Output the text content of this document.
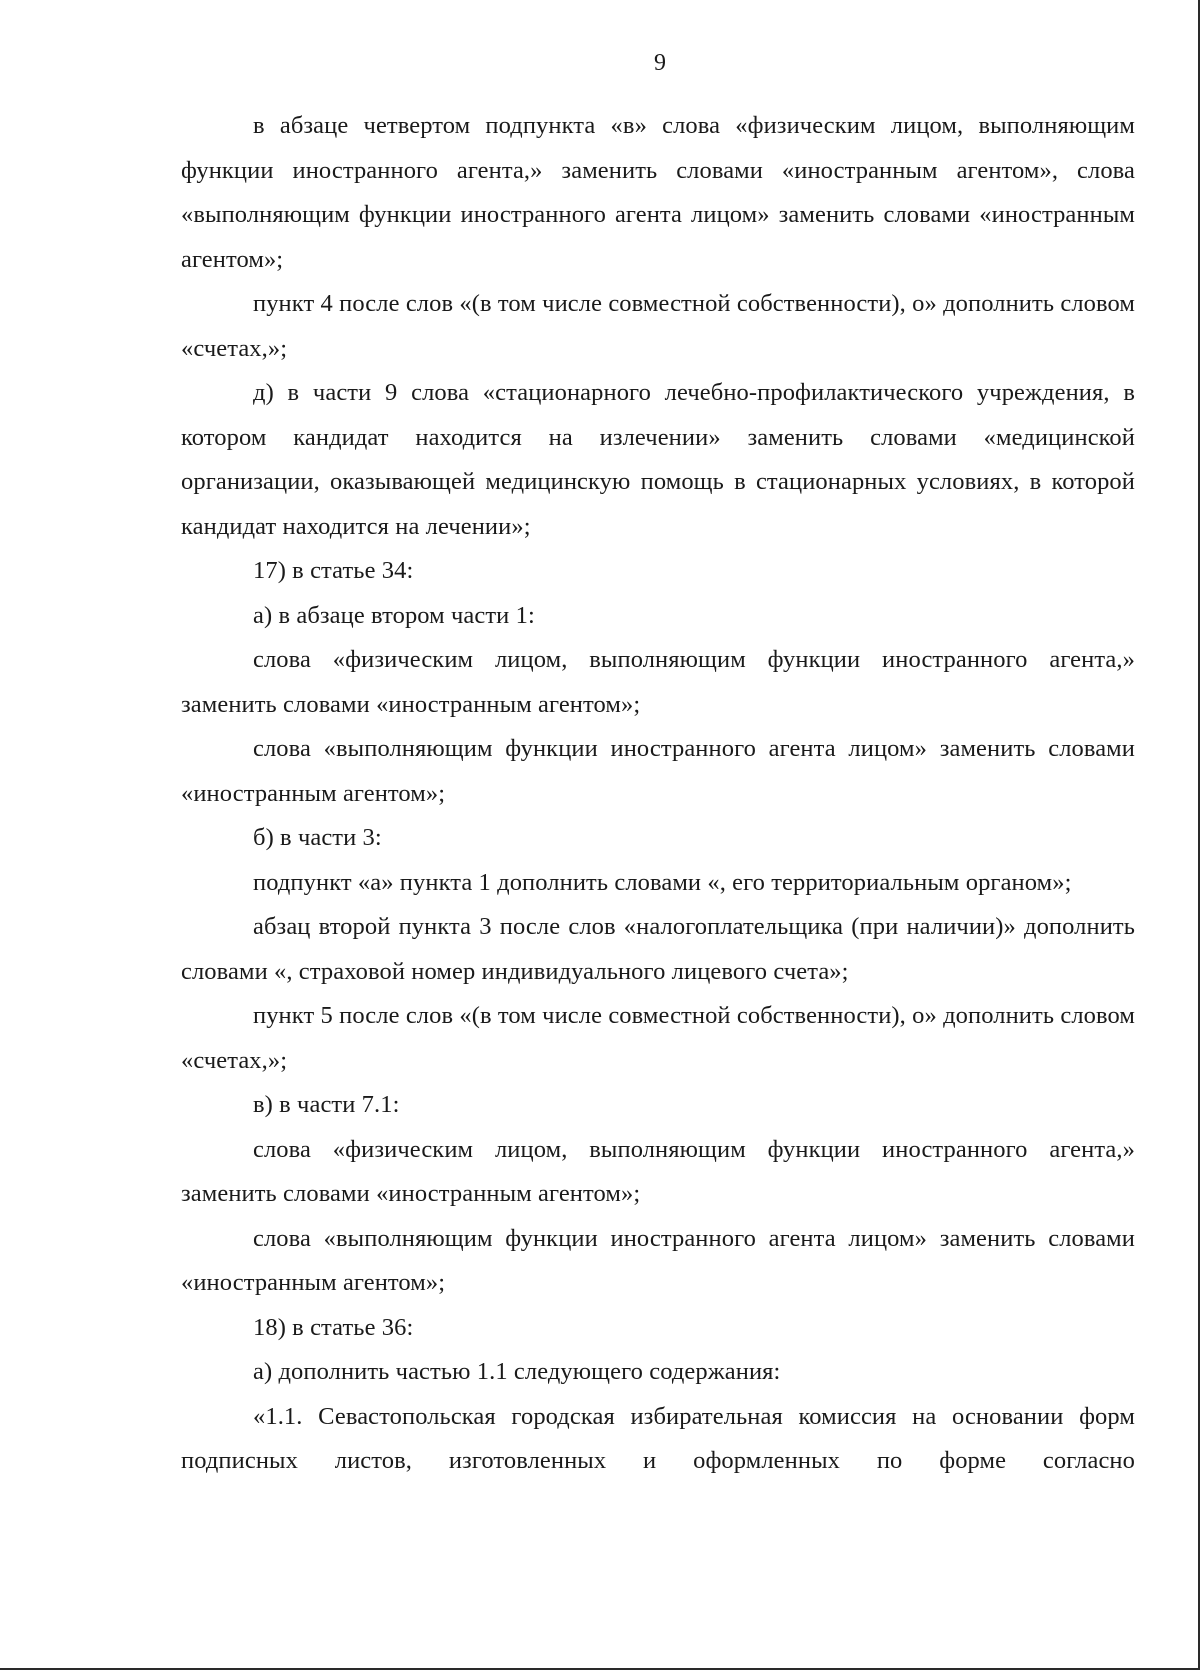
9

в абзаце четвертом подпункта «в» слова «физическим лицом, выполняющим функции иностранного агента,» заменить словами «иностранным агентом», слова «выполняющим функции иностранного агента лицом» заменить словами «иностранным агентом»;

пункт 4 после слов «(в том числе совместной собственности), о» дополнить словом «счетах,»;

д) в части 9 слова «стационарного лечебно-профилактического учреждения, в котором кандидат находится на излечении» заменить словами «медицинской организации, оказывающей медицинскую помощь в стационарных условиях, в которой кандидат находится на лечении»;

17) в статье 34:

а) в абзаце втором части 1:

слова «физическим лицом, выполняющим функции иностранного агента,» заменить словами «иностранным агентом»;

слова «выполняющим функции иностранного агента лицом» заменить словами «иностранным агентом»;

б) в части 3:

подпункт «а» пункта 1 дополнить словами «, его территориальным органом»;

абзац второй пункта 3 после слов «налогоплательщика (при наличии)» дополнить словами «, страховой номер индивидуального лицевого счета»;

пункт 5 после слов «(в том числе совместной собственности), о» дополнить словом «счетах,»;

в) в части 7.1:

слова «физическим лицом, выполняющим функции иностранного агента,» заменить словами «иностранным агентом»;

слова «выполняющим функции иностранного агента лицом» заменить словами «иностранным агентом»;

18) в статье 36:

а) дополнить частью 1.1 следующего содержания:

«1.1. Севастопольская городская избирательная комиссия на основании форм подписных листов, изготовленных и оформленных по форме согласно
